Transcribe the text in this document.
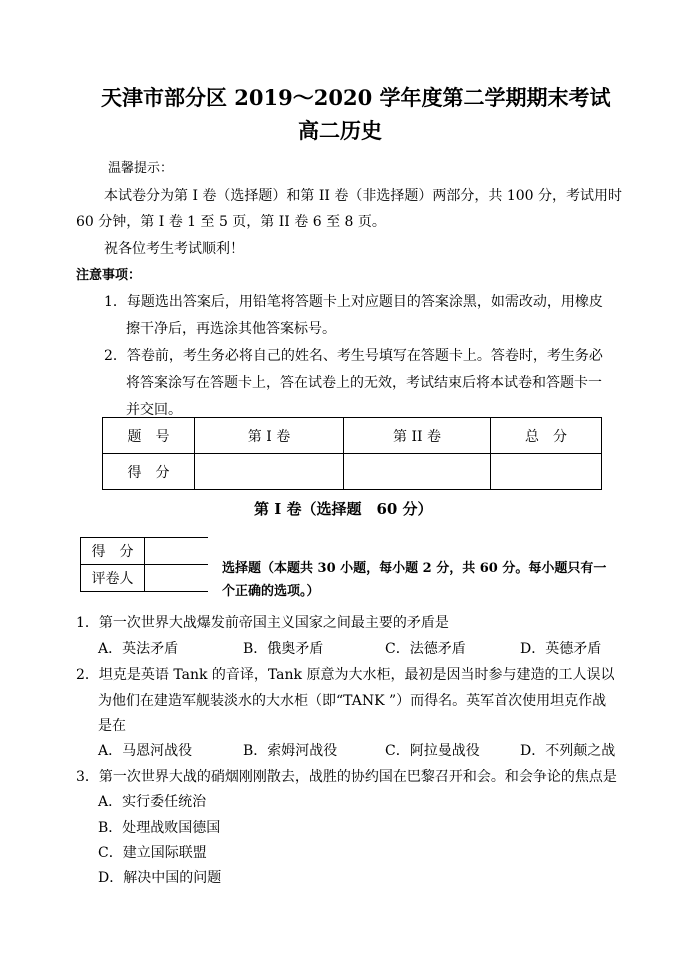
天津市部分区 2019～2020 学年度第二学期期末考试
高二历史
温馨提示：
本试卷分为第 I 卷（选择题）和第 II 卷（非选择题）两部分，共 100 分，考试用时
60 分钟，第 I 卷 1 至 5 页，第 II 卷 6 至 8 页。
祝各位考生考试顺利！
注意事项：
1．每题选出答案后，用铅笔将答题卡上对应题目的答案涂黑，如需改动，用橡皮
擦干净后，再选涂其他答案标号。
2．答卷前，考生务必将自己的姓名、考生号填写在答题卡上。答卷时，考生务必
将答案涂写在答题卡上，答在试卷上的无效，考试结束后将本试卷和答题卡一
并交回。
题　号	第 I 卷	第 II 卷	总　分
得　分			
第 I 卷（选择题　60 分）
得　分	
评卷人	
选择题（本题共 30 小题，每小题 2 分，共 60 分。每小题只有一
个正确的选项。）
1．第一次世界大战爆发前帝国主义国家之间最主要的矛盾是
A．英法矛盾	B．俄奥矛盾	C．法德矛盾	D．英德矛盾
2．坦克是英语 Tank 的音译，Tank 原意为大水柜，最初是因当时参与建造的工人误以
为他们在建造军舰装淡水的大水柜（即“TANK ”）而得名。英军首次使用坦克作战
是在
A．马恩河战役	B．索姆河战役	C．阿拉曼战役	D．不列颠之战
3．第一次世界大战的硝烟刚刚散去，战胜的协约国在巴黎召开和会。和会争论的焦点是
A．实行委任统治
B．处理战败国德国
C．建立国际联盟
D．解决中国的问题
